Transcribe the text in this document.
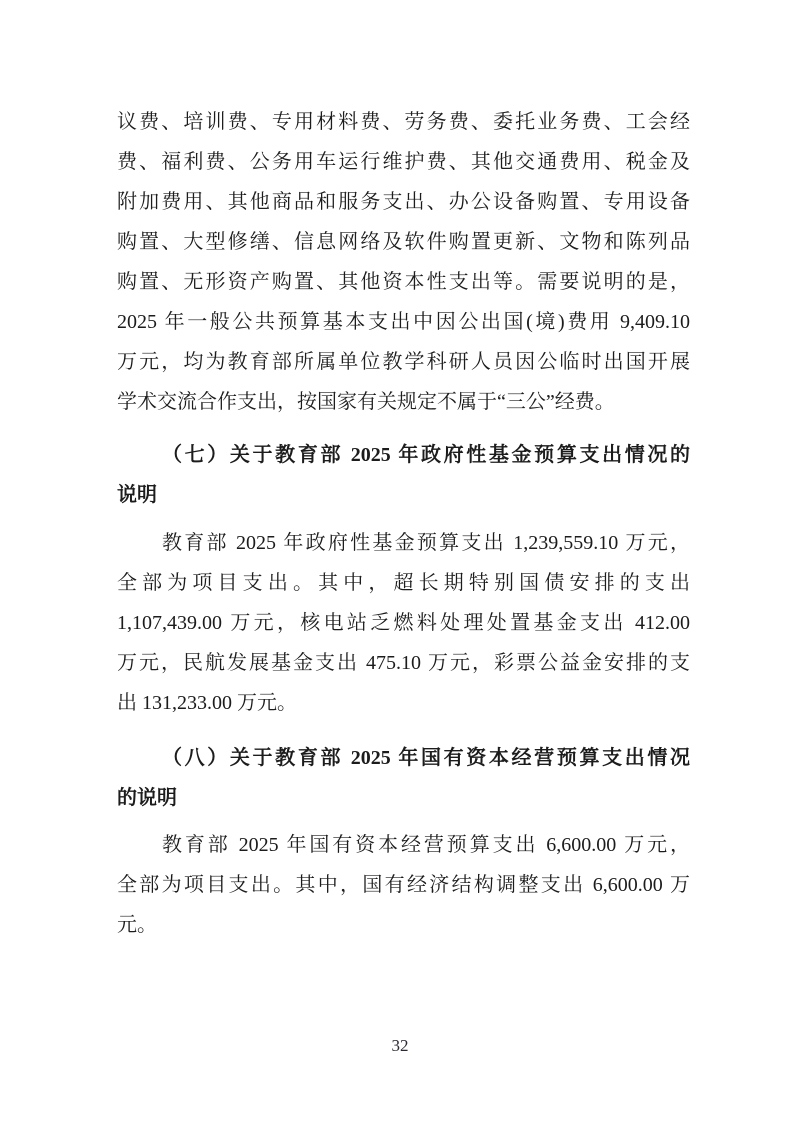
议费、培训费、专用材料费、劳务费、委托业务费、工会经
费、福利费、公务用车运行维护费、其他交通费用、税金及
附加费用、其他商品和服务支出、办公设备购置、专用设备
购置、大型修缮、信息网络及软件购置更新、文物和陈列品
购置、无形资产购置、其他资本性支出等。需要说明的是，
2025 年一般公共预算基本支出中因公出国(境)费用 9,409.10
万元，均为教育部所属单位教学科研人员因公临时出国开展
学术交流合作支出，按国家有关规定不属于“三公”经费。
（七）关于教育部 2025 年政府性基金预算支出情况的
说明
教育部 2025 年政府性基金预算支出 1,239,559.10 万元，
全部为项目支出。其中，超长期特别国债安排的支出
1,107,439.00 万元，核电站乏燃料处理处置基金支出 412.00
万元，民航发展基金支出 475.10 万元，彩票公益金安排的支
出 131,233.00 万元。
（八）关于教育部 2025 年国有资本经营预算支出情况
的说明
教育部 2025 年国有资本经营预算支出 6,600.00 万元，
全部为项目支出。其中，国有经济结构调整支出 6,600.00 万
元。
32
